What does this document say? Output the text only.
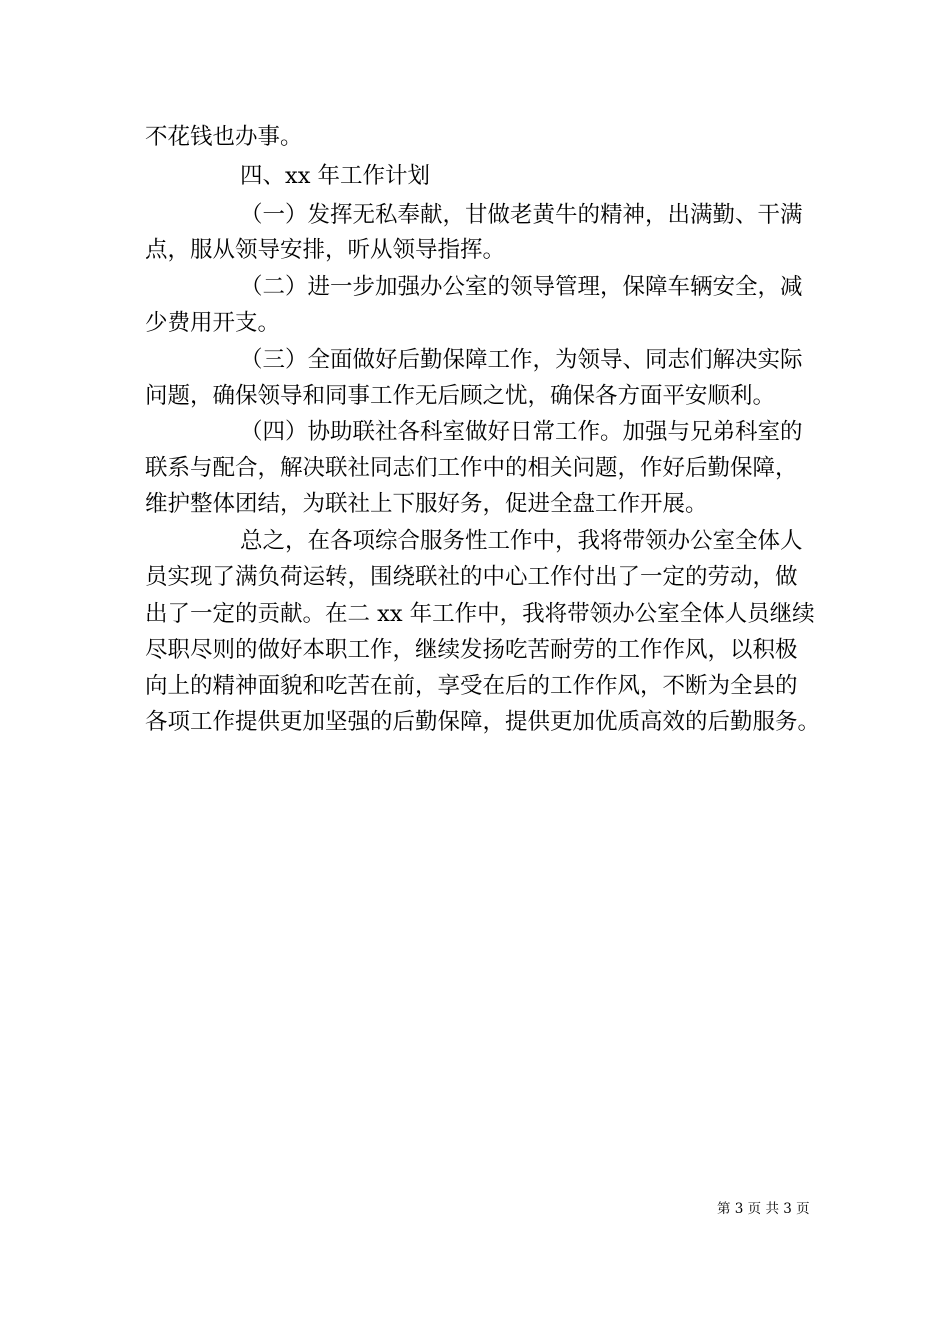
不花钱也办事。
四、xx 年工作计划
（一）发挥无私奉献，甘做老黄牛的精神，出满勤、干满
点，服从领导安排，听从领导指挥。
（二）进一步加强办公室的领导管理，保障车辆安全，减
少费用开支。
（三）全面做好后勤保障工作，为领导、同志们解决实际
问题，确保领导和同事工作无后顾之忧，确保各方面平安顺利。
（四）协助联社各科室做好日常工作。加强与兄弟科室的
联系与配合，解决联社同志们工作中的相关问题，作好后勤保障，
维护整体团结，为联社上下服好务，促进全盘工作开展。
总之，在各项综合服务性工作中，我将带领办公室全体人
员实现了满负荷运转，围绕联社的中心工作付出了一定的劳动，做
出了一定的贡献。在二 xx 年工作中，我将带领办公室全体人员继续
尽职尽则的做好本职工作，继续发扬吃苦耐劳的工作作风，以积极
向上的精神面貌和吃苦在前，享受在后的工作作风，不断为全县的
各项工作提供更加坚强的后勤保障，提供更加优质高效的后勤服务。
第 3 页 共 3 页
